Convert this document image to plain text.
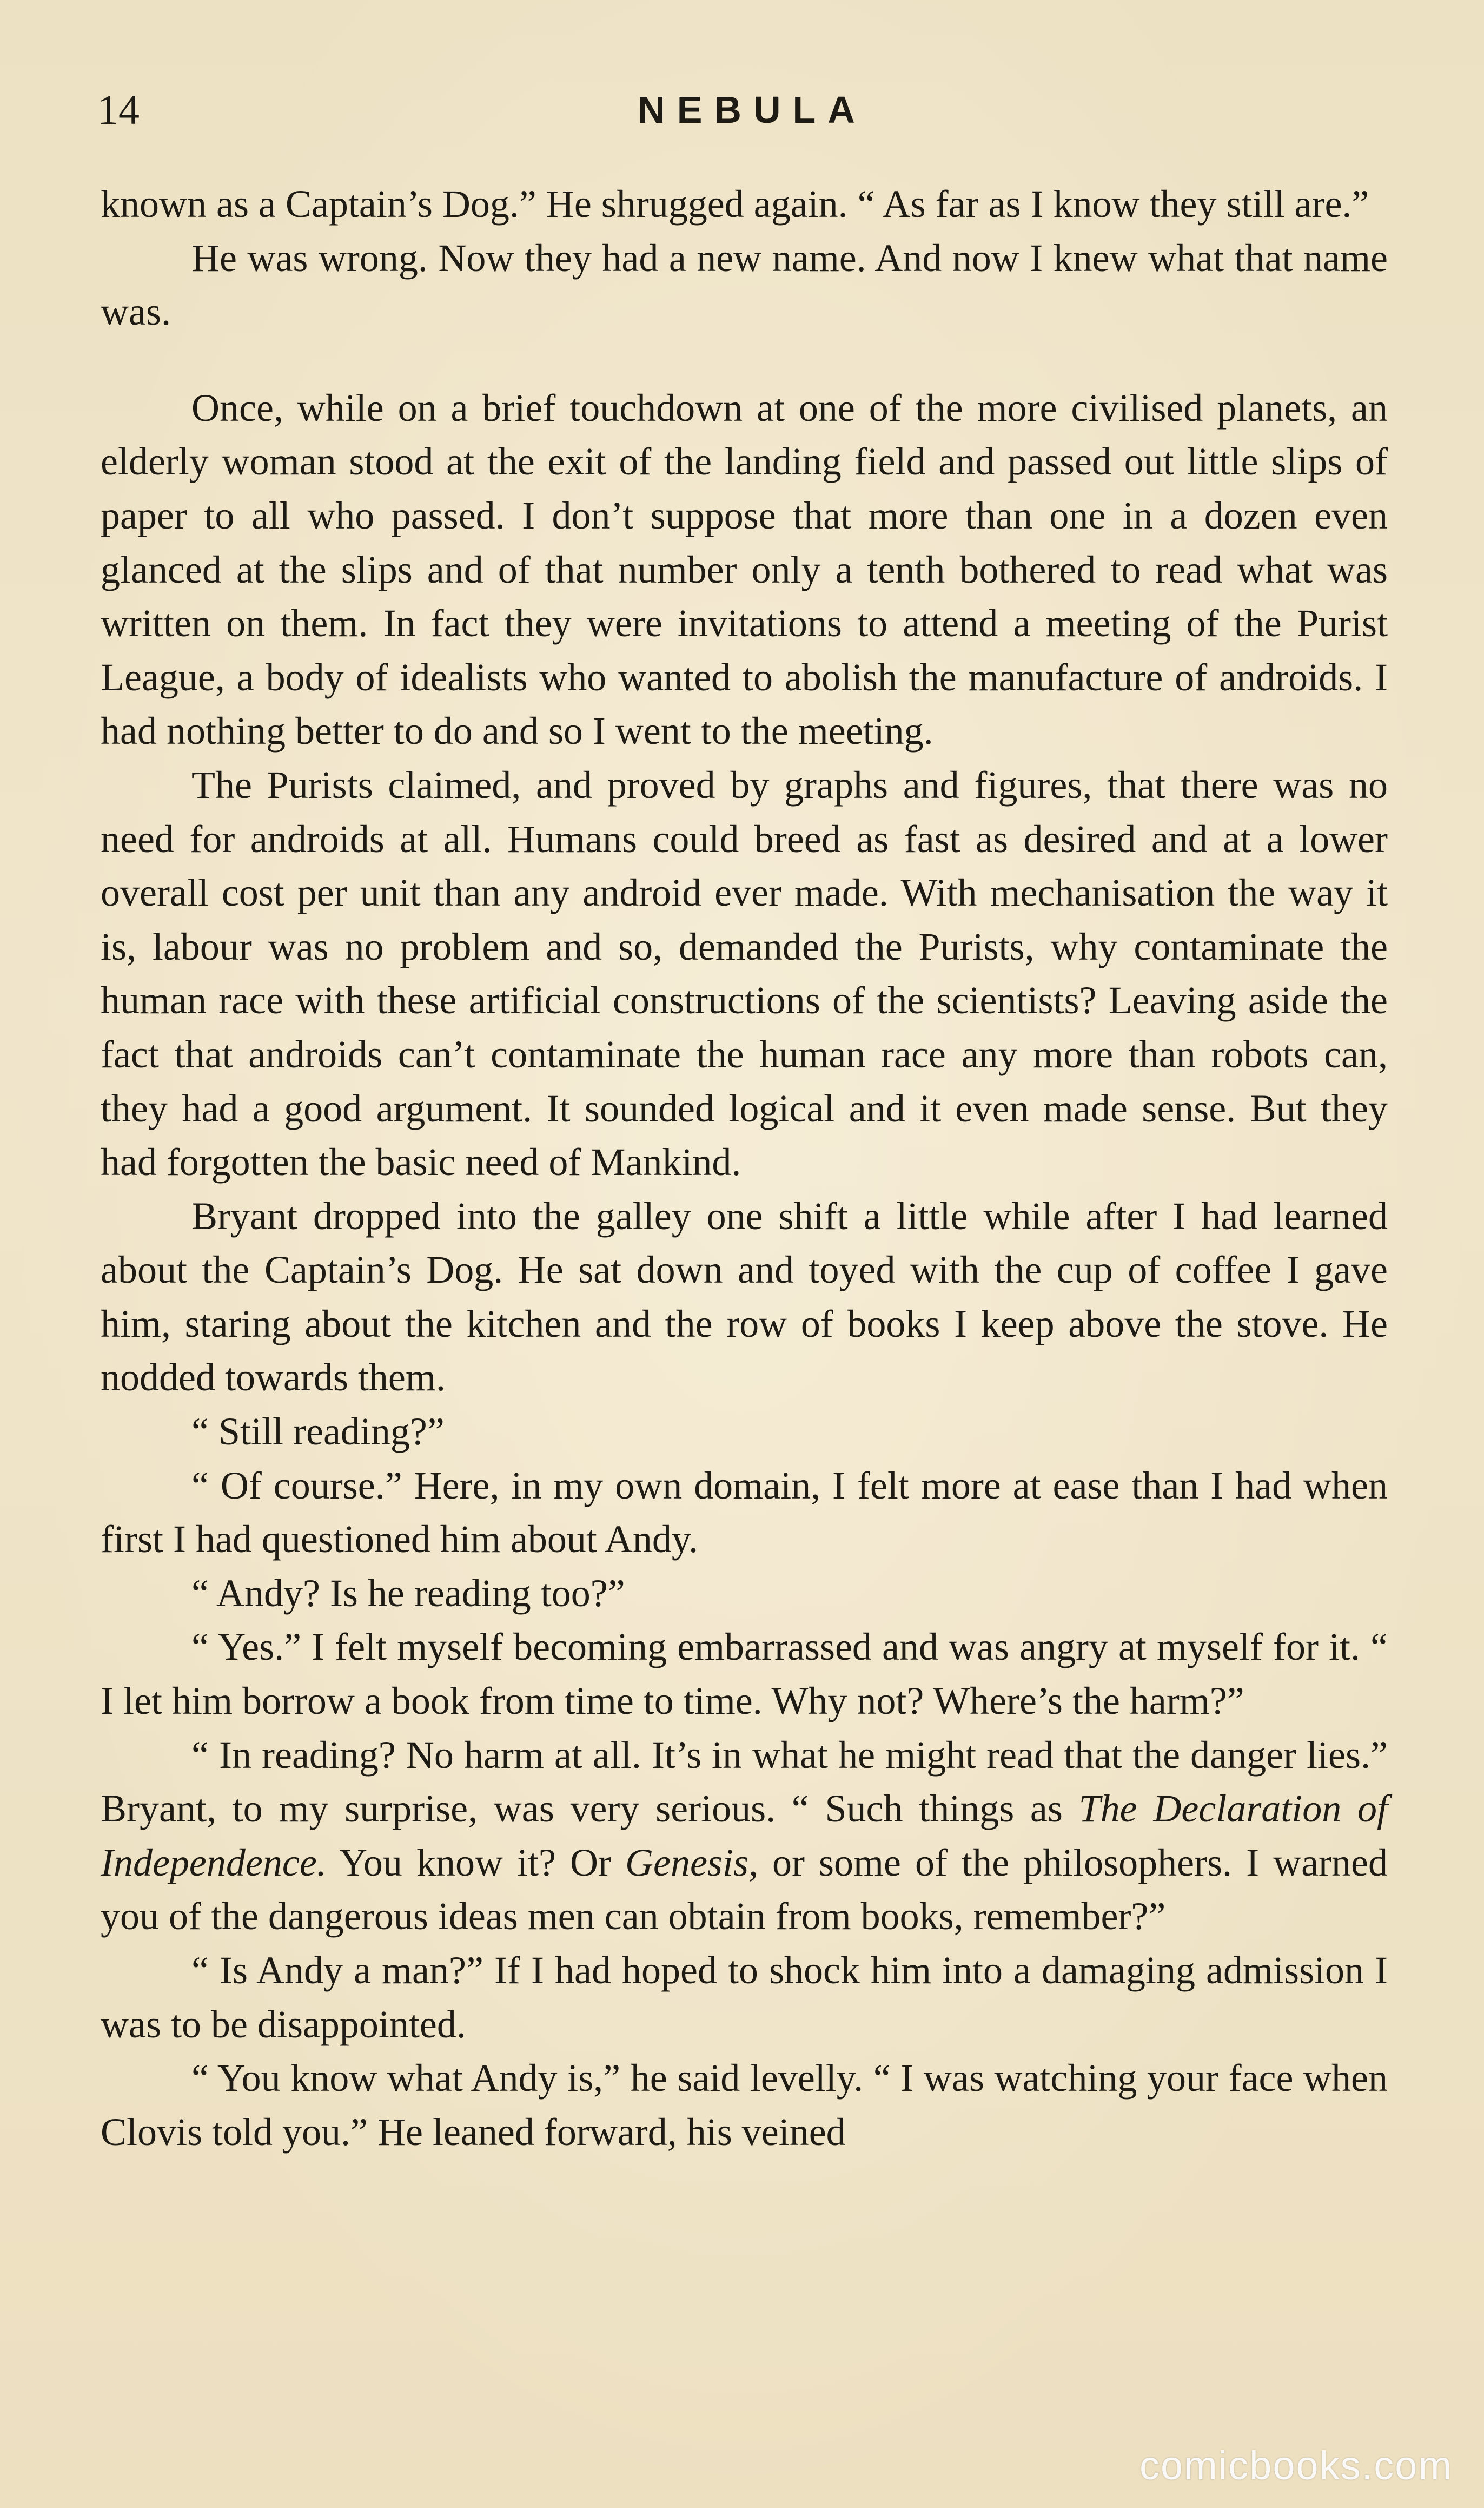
14	NEBULA

known as a Captain’s Dog.” He shrugged again. “ As far as I know they still are.”

He was wrong. Now they had a new name. And now I knew what that name was.

Once, while on a brief touchdown at one of the more civilised planets, an elderly woman stood at the exit of the landing field and passed out little slips of paper to all who passed. I don’t suppose that more than one in a dozen even glanced at the slips and of that number only a tenth bothered to read what was written on them. In fact they were invitations to attend a meeting of the Purist League, a body of idealists who wanted to abolish the manufacture of androids. I had nothing better to do and so I went to the meeting.

The Purists claimed, and proved by graphs and figures, that there was no need for androids at all. Humans could breed as fast as desired and at a lower overall cost per unit than any android ever made. With mechanisation the way it is, labour was no problem and so, demanded the Purists, why contaminate the human race with these artificial constructions of the scientists? Leaving aside the fact that androids can’t contaminate the human race any more than robots can, they had a good argument. It sounded logical and it even made sense. But they had forgotten the basic need of Mankind.

Bryant dropped into the galley one shift a little while after I had learned about the Captain’s Dog. He sat down and toyed with the cup of coffee I gave him, staring about the kitchen and the row of books I keep above the stove. He nodded towards them.

“ Still reading?”

“ Of course.” Here, in my own domain, I felt more at ease than I had when first I had questioned him about Andy.

“ Andy? Is he reading too?”

“ Yes.” I felt myself becoming embarrassed and was angry at myself for it. “ I let him borrow a book from time to time. Why not? Where’s the harm?”

“ In reading? No harm at all. It’s in what he might read that the danger lies.” Bryant, to my surprise, was very serious. “ Such things as The Declaration of Independence. You know it? Or Genesis, or some of the philosophers. I warned you of the dangerous ideas men can obtain from books, remember?”

“ Is Andy a man?” If I had hoped to shock him into a damaging admission I was to be disappointed.

“ You know what Andy is,” he said levelly. “ I was watching your face when Clovis told you.” He leaned forward, his veined

comicbooks.com
